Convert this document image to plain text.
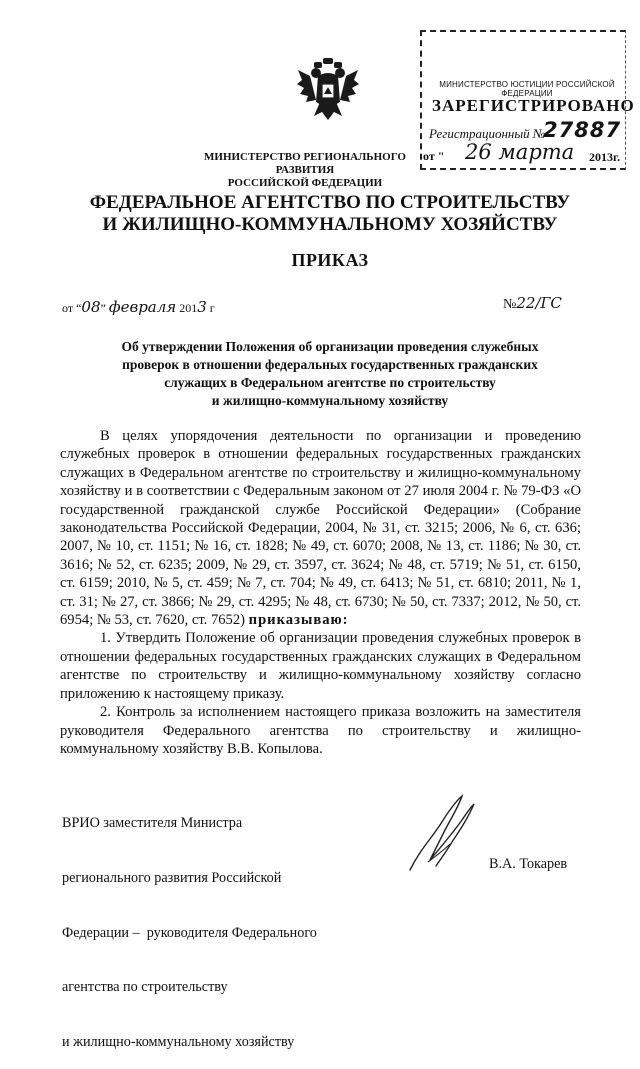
МИНИСТЕРСТВО РЕГИОНАЛЬНОГО РАЗВИТИЯ
РОССИЙСКОЙ ФЕДЕРАЦИИ
МИНИСТЕРСТВО ЮСТИЦИИ РОССИЙСКОЙ ФЕДЕРАЦИИ
ЗАРЕГИСТРИРОВАНО
Регистрационный №
27887
от " 26 марта 2013г.
ФЕДЕРАЛЬНОЕ АГЕНТСТВО ПО СТРОИТЕЛЬСТВУ
И ЖИЛИЩНО-КОММУНАЛЬНОМУ ХОЗЯЙСТВУ
ПРИКАЗ
от “08” февраля 2013 г	№22/ГС
Об утверждении Положения об организации проведения служебных
проверок в отношении федеральных государственных гражданских
служащих в Федеральном агентстве по строительству
и жилищно-коммунальному хозяйству

В целях упорядочения деятельности по организации и проведению служебных проверок в отношении федеральных государственных гражданских служащих в Федеральном агентстве по строительству и жилищно-коммунальному хозяйству и в соответствии с Федеральным законом от 27 июля 2004 г. № 79-ФЗ «О государственной гражданской службе Российской Федерации» (Собрание законодательства Российской Федерации, 2004, № 31, ст. 3215; 2006, № 6, ст. 636; 2007, № 10, ст. 1151; № 16, ст. 1828; № 49, ст. 6070; 2008, № 13, ст. 1186; № 30, ст. 3616; № 52, ст. 6235; 2009, № 29, ст. 3597, ст. 3624; № 48, ст. 5719; № 51, ст. 6150, ст. 6159; 2010, № 5, ст. 459; № 7, ст. 704; № 49, ст. 6413; № 51, ст. 6810; 2011, № 1, ст. 31; № 27, ст. 3866; № 29, ст. 4295; № 48, ст. 6730; № 50, ст. 7337; 2012, № 50, ст. 6954; № 53, ст. 7620, ст. 7652) приказываю:

1. Утвердить Положение об организации проведения служебных проверок в отношении федеральных государственных гражданских служащих в Федеральном агентстве по строительству и жилищно-коммунальному хозяйству согласно приложению к настоящему приказу.

2. Контроль за исполнением настоящего приказа возложить на заместителя руководителя Федерального агентства по строительству и жилищно-коммунальному хозяйству В.В. Копылова.

ВРИО заместителя Министра

регионального развития Российской

Федерации –  руководителя Федерального

агентства по строительству

и жилищно-коммунальному хозяйству

В.А. Токарев
